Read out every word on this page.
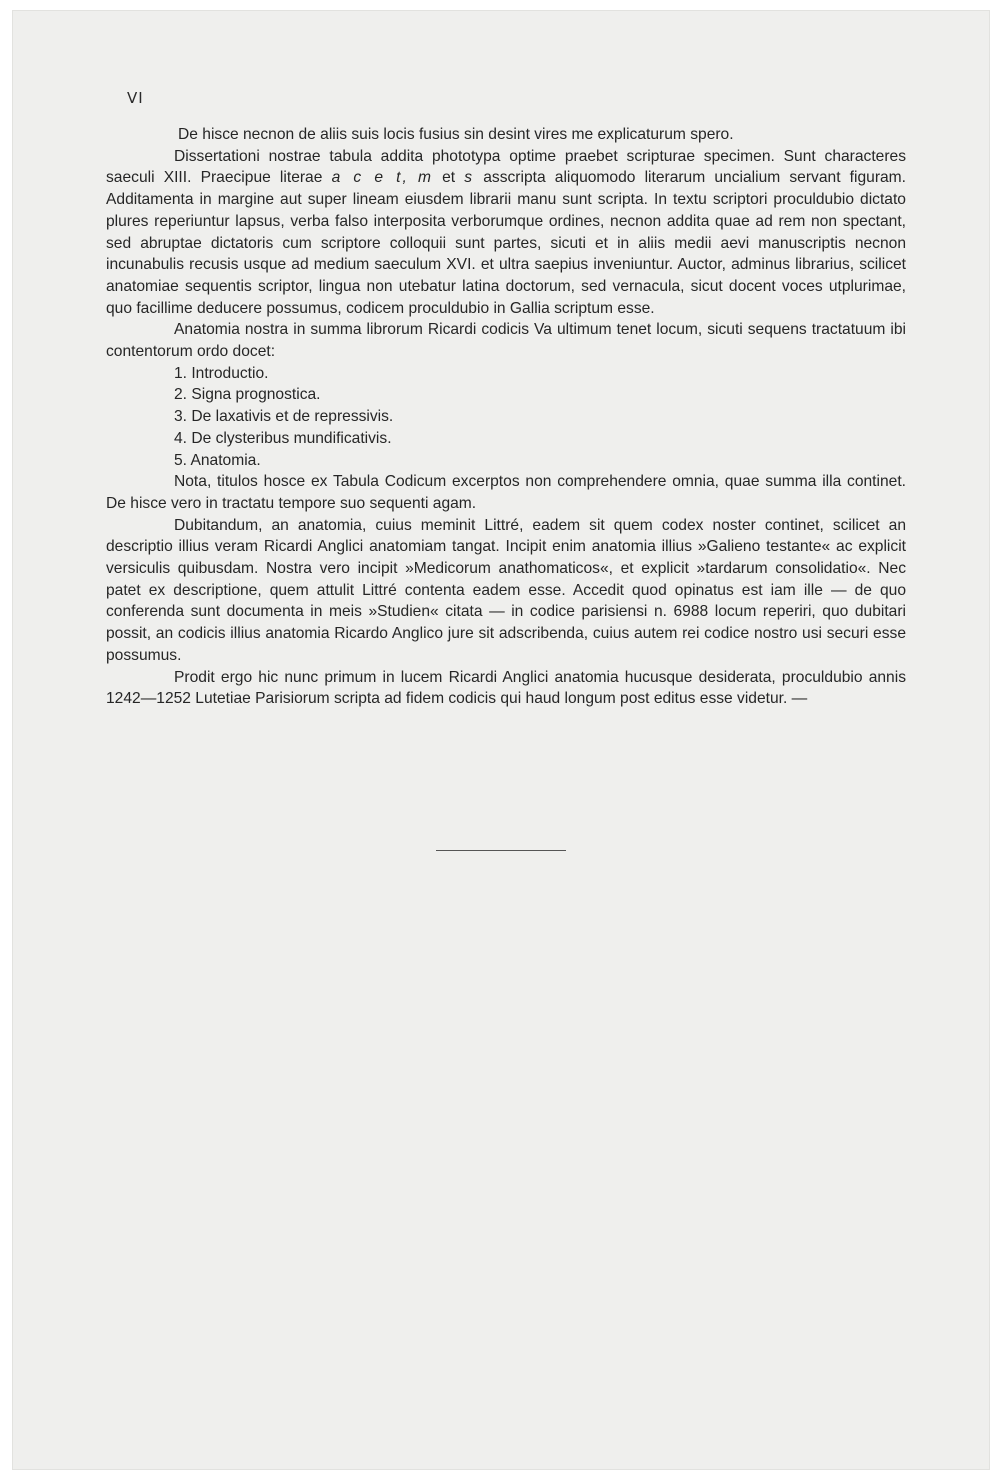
VI

De hisce necnon de aliis suis locis fusius sin desint vires me explicaturum spero.

Dissertationi nostrae tabula addita phototypa optime praebet scripturae specimen. Sunt characteres saeculi XIII. Praecipue literae a c e t, m et s asscripta aliquomodo literarum uncialium servant figuram. Additamenta in margine aut super lineam eiusdem librarii manu sunt scripta. In textu scriptori proculdubio dictato plures reperiuntur lapsus, verba falso interposita verborumque ordines, necnon addita quae ad rem non spectant, sed abruptae dictatoris cum scriptore colloquii sunt partes, sicuti et in aliis medii aevi manuscriptis necnon incunabulis recusis usque ad medium saeculum XVI. et ultra saepius inveniuntur. Auctor, adminus librarius, scilicet anatomiae sequentis scriptor, lingua non utebatur latina doctorum, sed vernacula, sicut docent voces utplurimae, quo facillime deducere possumus, codicem proculdubio in Gallia scriptum esse.

Anatomia nostra in summa librorum Ricardi codicis Va ultimum tenet locum, sicuti sequens tractatuum ibi contentorum ordo docet:

1. Introductio.
2. Signa prognostica.
3. De laxativis et de repressivis.
4. De clysteribus mundificativis.
5. Anatomia.

Nota, titulos hosce ex Tabula Codicum excerptos non comprehendere omnia, quae summa illa continet. De hisce vero in tractatu tempore suo sequenti agam.

Dubitandum, an anatomia, cuius meminit Littré, eadem sit quem codex noster continet, scilicet an descriptio illius veram Ricardi Anglici anatomiam tangat. Incipit enim anatomia illius »Galieno testante« ac explicit versiculis quibusdam. Nostra vero incipit »Medicorum anathomaticos«, et explicit »tardarum consolidatio«. Nec patet ex descriptione, quem attulit Littré contenta eadem esse. Accedit quod opinatus est iam ille — de quo conferenda sunt documenta in meis »Studien« citata — in codice parisiensi n. 6988 locum reperiri, quo dubitari possit, an codicis illius anatomia Ricardo Anglico jure sit adscribenda, cuius autem rei codice nostro usi securi esse possumus.

Prodit ergo hic nunc primum in lucem Ricardi Anglici anatomia hucusque desiderata, proculdubio annis 1242—1252 Lutetiae Parisiorum scripta ad fidem codicis qui haud longum post editus esse videtur. —
